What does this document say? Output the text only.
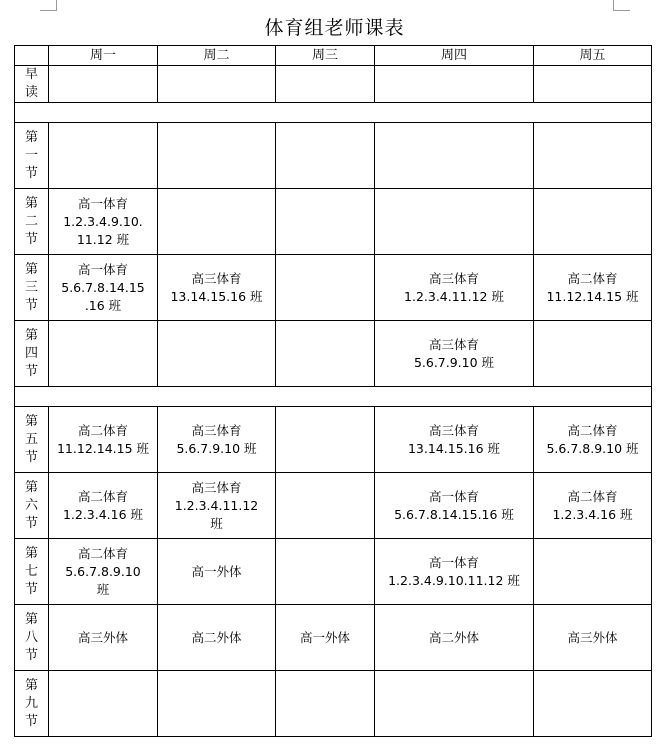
体育组老师课表
	周一	周二	周三	周四	周五
早读					

第一节					
第二节	高一体育
1.2.3.4.9.10.
11.12 班				
第三节	高一体育
5.6.7.8.14.15
.16 班	高三体育
13.14.15.16 班		高三体育
1.2.3.4.11.12 班	高二体育
11.12.14.15 班
第四节				高三体育
5.6.7.9.10 班	

第五节	高二体育
11.12.14.15 班	高三体育
5.6.7.9.10 班		高三体育
13.14.15.16 班	高二体育
5.6.7.8.9.10 班
第六节	高二体育
1.2.3.4.16 班	高三体育
1.2.3.4.11.12
班		高一体育
5.6.7.8.14.15.16 班	高二体育
1.2.3.4.16 班
第七节	高二体育
5.6.7.8.9.10
班	高一外体		高一体育
1.2.3.4.9.10.11.12 班	
第八节	高三外体	高二外体	高一外体	高二外体	高三外体
第九节					
